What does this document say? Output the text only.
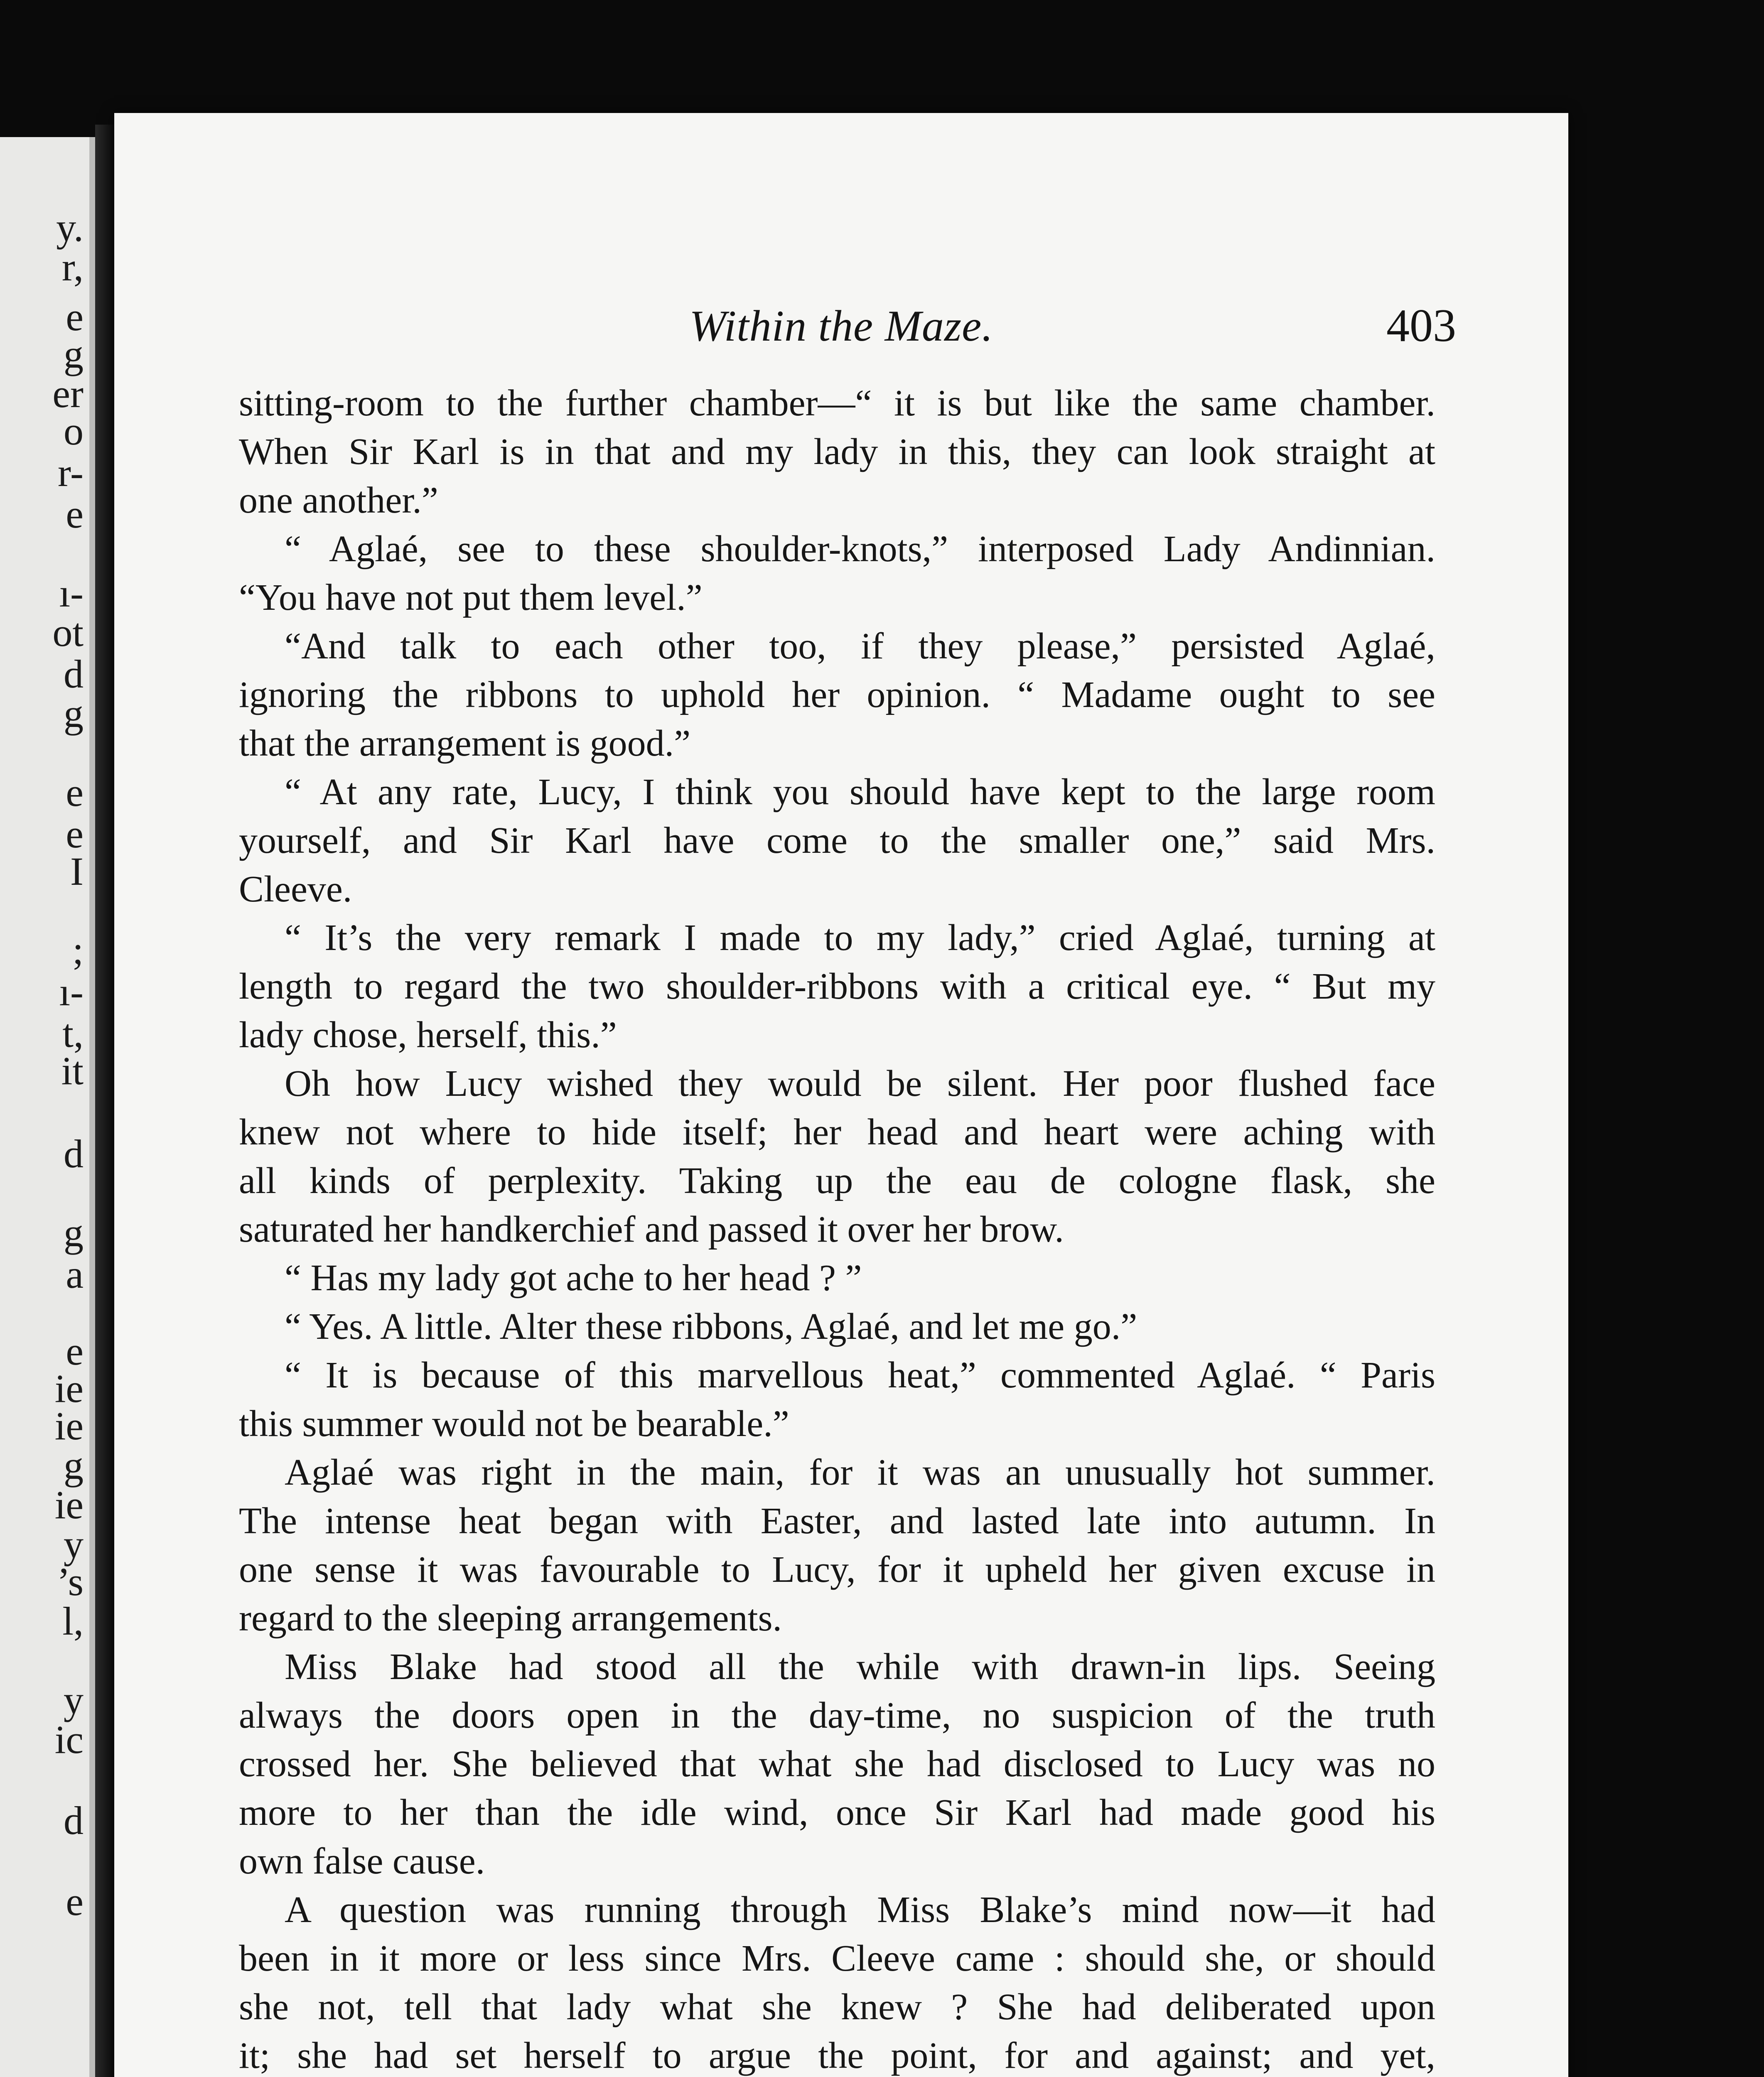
y.
r,
e
g
er
o
r-
e
ı-
ot
d
g
e
e
I
;
ı-
t,
it
d
g
a
e
ie
ie
g
ie
y
’s
l,
y
ic
d
e
Within the Maze.	403
sitting-room to the further chamber—“ it is but like the same chamber.
When Sir Karl is in that and my lady in this, they can look straight at
one another.”
“ Aglaé, see to these shoulder-knots,” interposed Lady Andinnian.
“You have not put them level.”
“And talk to each other too, if they please,” persisted Aglaé,
ignoring the ribbons to uphold her opinion. “ Madame ought to see
that the arrangement is good.”
“ At any rate, Lucy, I think you should have kept to the large room
yourself, and Sir Karl have come to the smaller one,” said Mrs.
Cleeve.
“ It’s the very remark I made to my lady,” cried Aglaé, turning at
length to regard the two shoulder-ribbons with a critical eye. “ But my
lady chose, herself, this.”
Oh how Lucy wished they would be silent. Her poor flushed face
knew not where to hide itself; her head and heart were aching with
all kinds of perplexity. Taking up the eau de cologne flask, she
saturated her handkerchief and passed it over her brow.
“ Has my lady got ache to her head ? ”
“ Yes. A little. Alter these ribbons, Aglaé, and let me go.”
“ It is because of this marvellous heat,” commented Aglaé. “ Paris
this summer would not be bearable.”
Aglaé was right in the main, for it was an unusually hot summer.
The intense heat began with Easter, and lasted late into autumn. In
one sense it was favourable to Lucy, for it upheld her given excuse in
regard to the sleeping arrangements.
Miss Blake had stood all the while with drawn-in lips. Seeing
always the doors open in the day-time, no suspicion of the truth
crossed her. She believed that what she had disclosed to Lucy was no
more to her than the idle wind, once Sir Karl had made good his
own false cause.
A question was running through Miss Blake’s mind now—it had
been in it more or less since Mrs. Cleeve came : should she, or should
she not, tell that lady what she knew ? She had deliberated upon
it; she had set herself to argue the point, for and against; and yet,
